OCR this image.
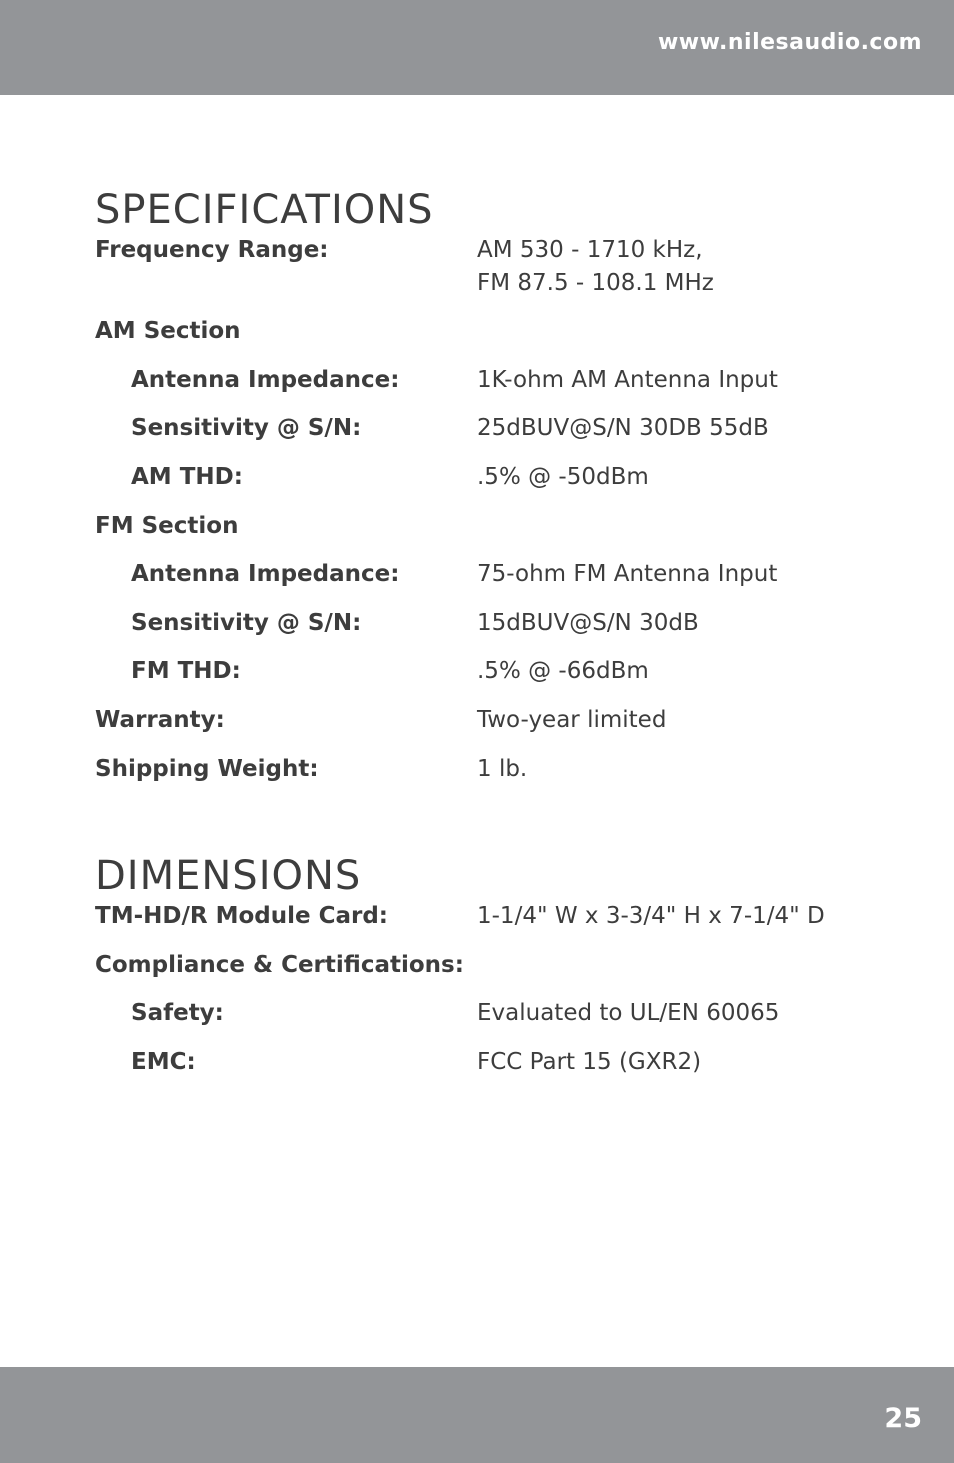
www.nilesaudio.com
SPECIFICATIONS
Frequency Range:	AM 530 - 1710 kHz,
FM 87.5 - 108.1 MHz
AM Section
Antenna Impedance:	1K-ohm AM Antenna Input
Sensitivity @ S/N:	25dBUV@S/N 30DB 55dB
AM THD:	.5% @ -50dBm
FM Section
Antenna Impedance:	75-ohm FM Antenna Input
Sensitivity @ S/N:	15dBUV@S/N 30dB
FM THD:	.5% @ -66dBm
Warranty:	Two-year limited
Shipping Weight:	1 lb.
DIMENSIONS
TM-HD/R Module Card:	1-1/4" W x 3-3/4" H x 7-1/4" D
Compliance & Certifications:
Safety:	Evaluated to UL/EN 60065
EMC:	FCC Part 15 (GXR2)
25
